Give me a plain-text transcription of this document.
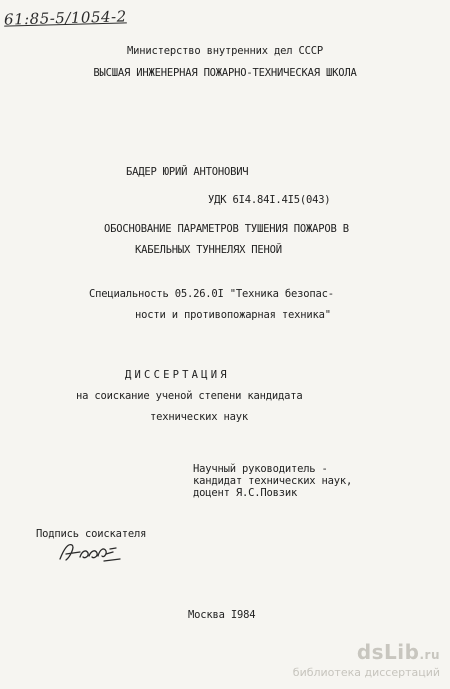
61:85-5/1054-2
Министерство внутренних дел СССР
ВЫСШАЯ ИНЖЕНЕРНАЯ ПОЖАРНО-ТЕХНИЧЕСКАЯ ШКОЛА
БАДЕР ЮРИЙ АНТОНОВИЧ
УДК 6I4.84I.4I5(043)
ОБОСНОВАНИЕ ПАРАМЕТРОВ ТУШЕНИЯ ПОЖАРОВ В
КАБЕЛЬНЫХ ТУННЕЛЯХ ПЕНОЙ
Специальность 05.26.0I "Техника безопас-
ности и противопожарная техника"
ДИССЕРТАЦИЯ
на соискание ученой степени кандидата
технических наук
Научный руководитель -
кандидат технических наук,
доцент Я.С.Повзик
Подпись соискателя
Москва I984
dsLib.ru
библиотека диссертаций
